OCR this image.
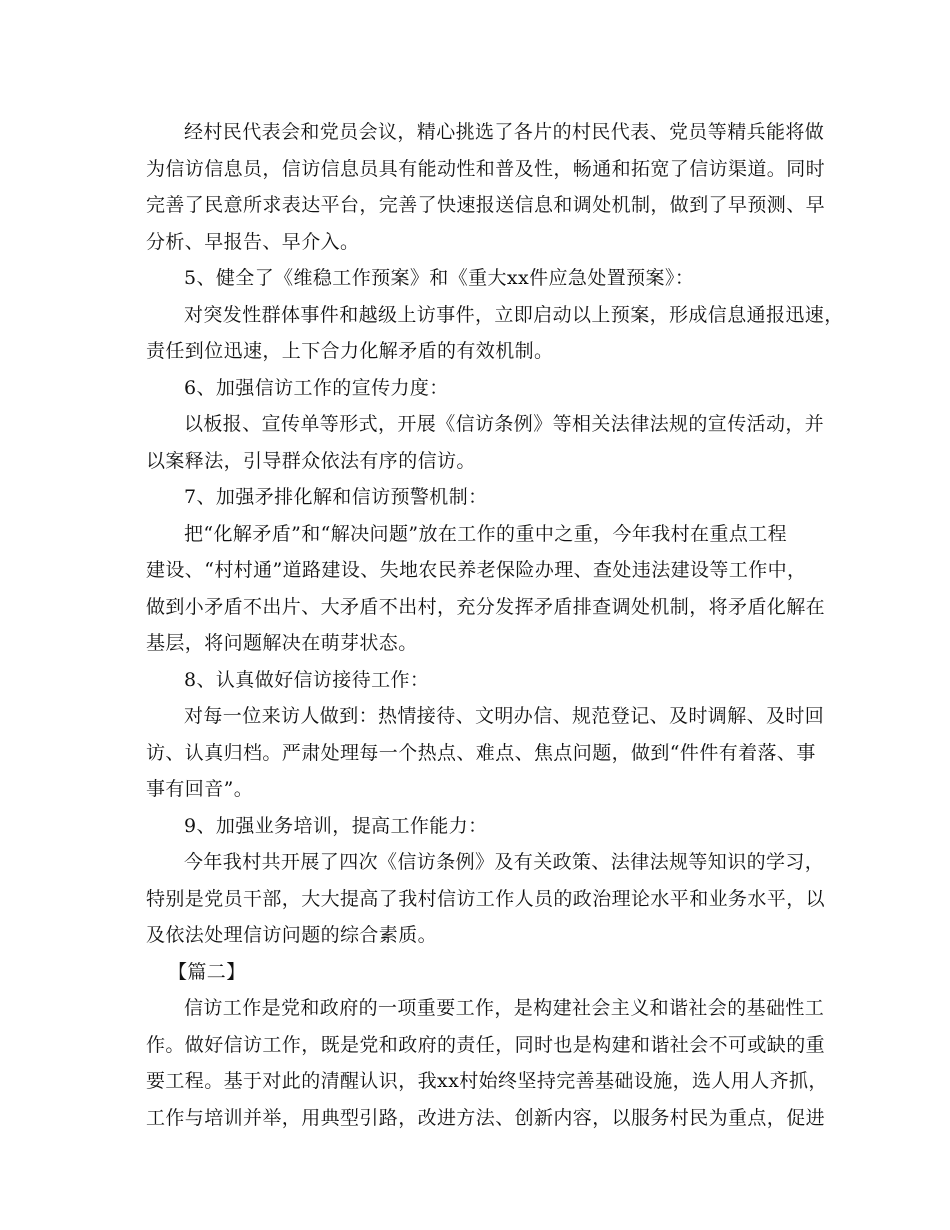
经村民代表会和党员会议，精心挑选了各片的村民代表、党员等精兵能将做
为信访信息员，信访信息员具有能动性和普及性，畅通和拓宽了信访渠道。同时
完善了民意所求表达平台，完善了快速报送信息和调处机制，做到了早预测、早
分析、早报告、早介入。
5、健全了《维稳工作预案》和《重大xx件应急处置预案》：
对突发性群体事件和越级上访事件，立即启动以上预案，形成信息通报迅速，
责任到位迅速，上下合力化解矛盾的有效机制。
6、加强信访工作的宣传力度：
以板报、宣传单等形式，开展《信访条例》等相关法律法规的宣传活动，并
以案释法，引导群众依法有序的信访。
7、加强矛排化解和信访预警机制：
把“化解矛盾”和“解决问题”放在工作的重中之重，今年我村在重点工程
建设、“村村通”道路建设、失地农民养老保险办理、查处违法建设等工作中，
做到小矛盾不出片、大矛盾不出村，充分发挥矛盾排查调处机制，将矛盾化解在
基层，将问题解决在萌芽状态。
8、认真做好信访接待工作：
对每一位来访人做到：热情接待、文明办信、规范登记、及时调解、及时回
访、认真归档。严肃处理每一个热点、难点、焦点问题，做到“件件有着落、事
事有回音”。
9、加强业务培训，提高工作能力：
今年我村共开展了四次《信访条例》及有关政策、法律法规等知识的学习，
特别是党员干部，大大提高了我村信访工作人员的政治理论水平和业务水平，以
及依法处理信访问题的综合素质。
【篇二】
信访工作是党和政府的一项重要工作，是构建社会主义和谐社会的基础性工
作。做好信访工作，既是党和政府的责任，同时也是构建和谐社会不可或缺的重
要工程。基于对此的清醒认识，我xx村始终坚持完善基础设施，选人用人齐抓，
工作与培训并举，用典型引路，改进方法、创新内容，以服务村民为重点，促进
